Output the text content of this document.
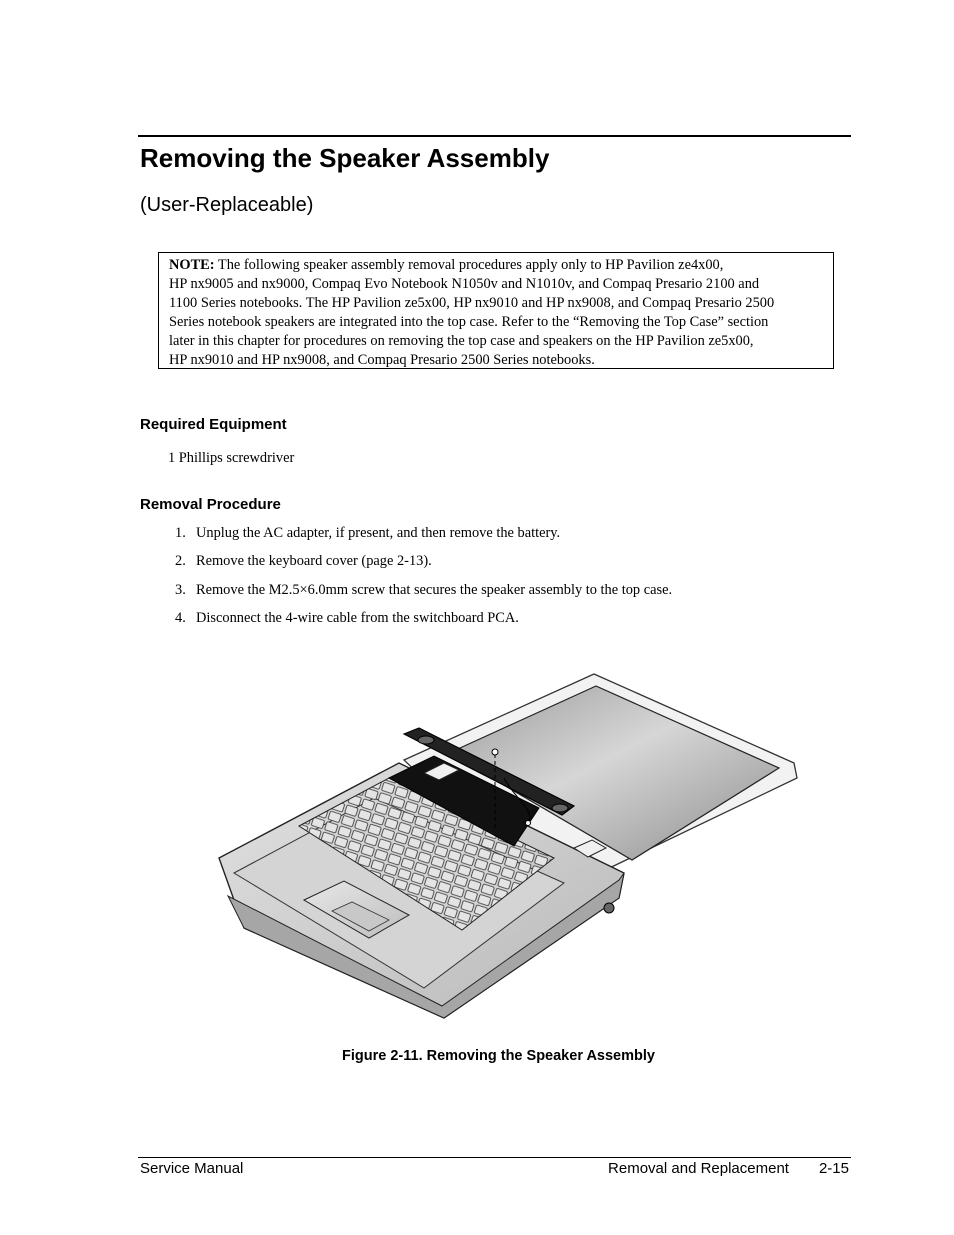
Removing the Speaker Assembly
(User-Replaceable)
NOTE: The following speaker assembly removal procedures apply only to HP Pavilion ze4x00,
HP nx9005 and nx9000, Compaq Evo Notebook N1050v and N1010v, and Compaq Presario 2100 and
1100 Series notebooks. The HP Pavilion ze5x00, HP nx9010 and HP nx9008, and Compaq Presario 2500
Series notebook speakers are integrated into the top case. Refer to the “Removing the Top Case” section
later in this chapter for procedures on removing the top case and speakers on the HP Pavilion ze5x00,
HP nx9010 and HP nx9008, and Compaq Presario 2500 Series notebooks.
Required Equipment
1 Phillips screwdriver
Removal Procedure
1. Unplug the AC adapter, if present, and then remove the battery.
2. Remove the keyboard cover (page 2-13).
3. Remove the M2.5×6.0mm screw that secures the speaker assembly to the top case.
4. Disconnect the 4-wire cable from the switchboard PCA.
Figure 2-11. Removing the Speaker Assembly
Service Manual	Removal and Replacement 2-15
